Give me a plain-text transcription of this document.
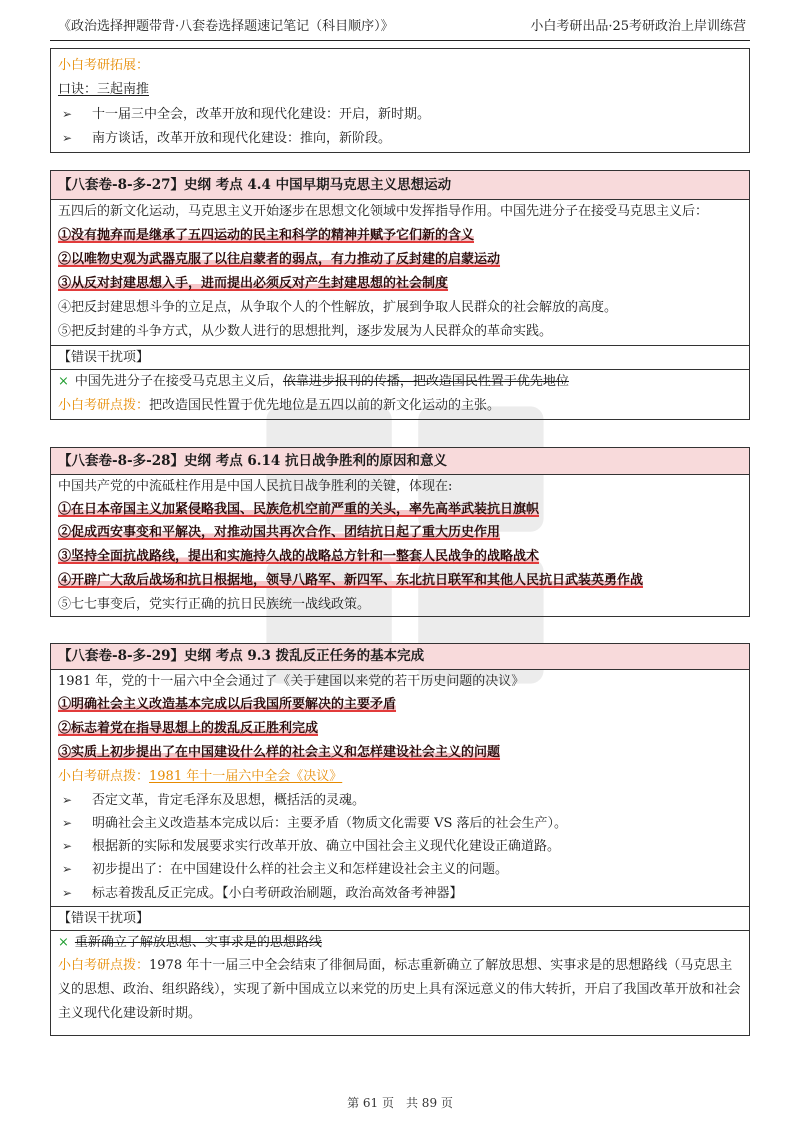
《政治选择押题带背·八套卷选择题速记笔记（科目顺序）》	小白考研出品·25考研政治上岸训练营
小白考研拓展：
口诀：三起南推
➢ 十一届三中全会，改革开放和现代化建设：开启，新时期。
➢ 南方谈话，改革开放和现代化建设：推向，新阶段。
【八套卷-8-多-27】史纲 考点 4.4 中国早期马克思主义思想运动
五四后的新文化运动，马克思主义开始逐步在思想文化领域中发挥指导作用。中国先进分子在接受马克思主义后：
①没有抛弃而是继承了五四运动的民主和科学的精神并赋予它们新的含义
②以唯物史观为武器克服了以往启蒙者的弱点，有力推动了反封建的启蒙运动
③从反对封建思想入手，进而提出必须反对产生封建思想的社会制度
④把反封建思想斗争的立足点，从争取个人的个性解放，扩展到争取人民群众的社会解放的高度。
⑤把反封建的斗争方式，从少数人进行的思想批判，逐步发展为人民群众的革命实践。
【错误干扰项】
× 中国先进分子在接受马克思主义后，依靠进步报刊的传播，把改造国民性置于优先地位
小白考研点拨：把改造国民性置于优先地位是五四以前的新文化运动的主张。
【八套卷-8-多-28】史纲 考点 6.14 抗日战争胜利的原因和意义
中国共产党的中流砥柱作用是中国人民抗日战争胜利的关键，体现在:
①在日本帝国主义加紧侵略我国、民族危机空前严重的关头，率先高举武装抗日旗帜
②促成西安事变和平解决，对推动国共再次合作、团结抗日起了重大历史作用
③坚持全面抗战路线，提出和实施持久战的战略总方针和一整套人民战争的战略战术
④开辟广大敌后战场和抗日根据地，领导八路军、新四军、东北抗日联军和其他人民抗日武装英勇作战
⑤七七事变后，党实行正确的抗日民族统一战线政策。
【八套卷-8-多-29】史纲 考点 9.3 拨乱反正任务的基本完成
1981 年，党的十一届六中全会通过了《关于建国以来党的若干历史问题的决议》
①明确社会主义改造基本完成以后我国所要解决的主要矛盾
②标志着党在指导思想上的拨乱反正胜利完成
③实质上初步提出了在中国建设什么样的社会主义和怎样建设社会主义的问题
小白考研点拨：1981 年十一届六中全会《决议》
➢ 否定文革，肯定毛泽东及思想，概括活的灵魂。
➢ 明确社会主义改造基本完成以后：主要矛盾（物质文化需要 VS 落后的社会生产）。
➢ 根据新的实际和发展要求实行改革开放、确立中国社会主义现代化建设正确道路。
➢ 初步提出了：在中国建设什么样的社会主义和怎样建设社会主义的问题。
➢ 标志着拨乱反正完成。【小白考研政治刷题，政治高效备考神器】
【错误干扰项】
× 重新确立了解放思想、实事求是的思想路线
小白考研点拨：1978 年十一届三中全会结束了徘徊局面，标志重新确立了解放思想、实事求是的思想路线（马克思主义的思想、政治、组织路线），实现了新中国成立以来党的历史上具有深远意义的伟大转折，开启了我国改革开放和社会主义现代化建设新时期。
第 61 页　共 89 页
